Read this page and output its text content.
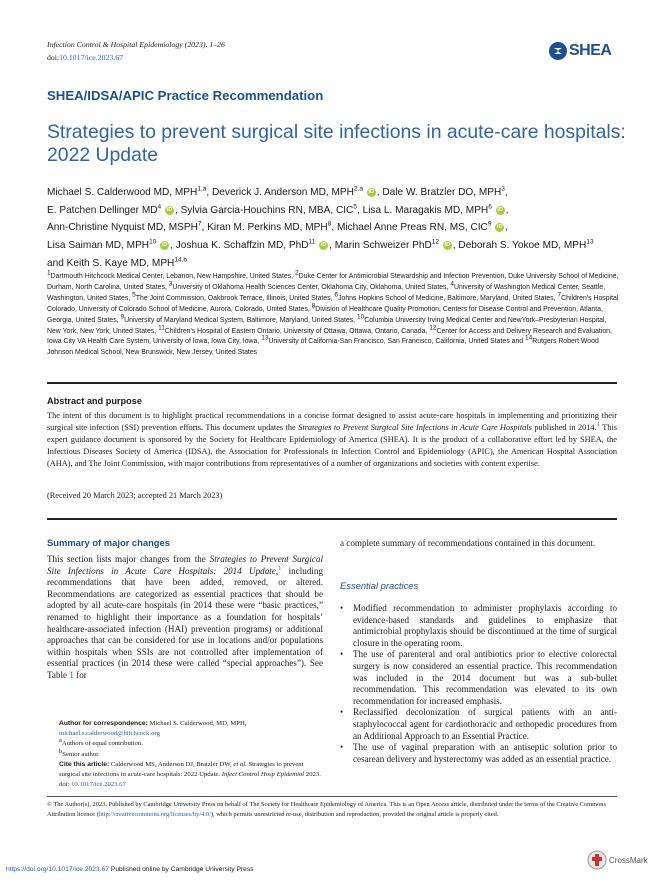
Infection Control & Hospital Epidemiology (2023), 1–26
doi:10.1017/ice.2023.67	SHEA
SHEA/IDSA/APIC Practice Recommendation
Strategies to prevent surgical site infections in acute-care hospitals: 2022 Update
Michael S. Calderwood MD, MPH$^{1,a}$, Deverick J. Anderson MD, MPH$^{2,a}$ iD , Dale W. Bratzler DO, MPH$^3$,
E. Patchen Dellinger $MD^4$ iD , Sylvia Garcia-Houchins RN, MBA, CIC$^5$, Lisa L. Maragakis MD, MPH$^6$ iD ,
Ann-Christine Nyquist MD, MSPH$^7$, Kiran M. Perkins MD, MPH$^8$, Michael Anne Preas RN, MS, CIC$^9$ iD ,
Lisa Saiman MD, MPH$^{10}$ iD , Joshua K. Schaffzin MD, PhD$^{11}$ iD , Marin Schweizer PhD$^{12}$ iD , Deborah S. Yokoe MD, MPH$^{13}$
and Keith S. Kaye MD, MPH$^{14,b}$
$^1$Dartmouth Hitchcock Medical Center, Lebanon, New Hampshire, United States, $^2$Duke Center for Antimicrobial Stewardship and Infection Prevention, Duke University School of Medicine, Durham, North Carolina, United States, $^3$University of Oklahoma Health Sciences Center, Oklahoma City, Oklahoma, United States, $^4$University of Washington Medical Center, Seattle, Washington, United States, $^5$The Joint Commission, Oakbrook Terrace, Illinois, United States, $^6$Johns Hopkins School of Medicine, Baltimore, Maryland, United States, $^7$Children's Hospital Colorado, University of Colorado School of Medicine, Aurora, Colorado, United States, $^8$Division of Healthcare Quality Promotion, Centers for Disease Control and Prevention, Atlanta, Georgia, United States, $^9$University of Maryland Medical System, Baltimore, Maryland, United States, $^{10}$Columbia University Irving Medical Center and NewYork–Presbyterian Hospital, New York, New York, United States, $^{11}$Children's Hospital of Eastern Ontario, University of Ottawa, Ottawa, Ontario, Canada, $^{12}$Center for Access and Delivery Research and Evaluation, Iowa City VA Health Care System, University of Iowa, Iowa City, Iowa, $^{13}$University of California-San Francisco, San Francisco, California, United States and $^{14}$Rutgers Robert Wood Johnson Medical School, New Brunswick, New Jersey, United States
Abstract and purpose
The intent of this document is to highlight practical recommendations in a concise format designed to assist acute-care hospitals in implementing and prioritizing their surgical site infection (SSI) prevention efforts. This document updates the Strategies to Prevent Surgical Site Infections in Acute Care Hospitals published in 2014.$^1$ This expert guidance document is sponsored by the Society for Healthcare Epidemiology of America (SHEA). It is the product of a collaborative effort led by SHEA, the Infectious Diseases Society of America (IDSA), the Association for Professionals in Infection Control and Epidemiology (APIC), the American Hospital Association (AHA), and The Joint Commission, with major contributions from representatives of a number of organizations and societies with content expertise.
(Received 20 March 2023; accepted 21 March 2023)
Summary of major changes
This section lists major changes from the Strategies to Prevent Surgical Site Infections in Acute Care Hospitals: 2014 Update,$^1$ including recommendations that have been added, removed, or altered. Recommendations are categorized as essential practices that should be adopted by all acute-care hospitals (in 2014 these were “basic practices,” renamed to highlight their importance as a foundation for hospitals’ healthcare-associated infection (HAI) prevention programs) or additional approaches that can be considered for use in locations and/or populations within hospitals when SSIs are not controlled after implementation of essential practices (in 2014 these were called “special approaches”). See Table 1 for
Author for correspondence: Michael S. Calderwood, MD, MPH, michael.s.calderwood@hitchcock.org
$^a$Authors of equal contribution.
$^b$Senior author.
Cite this article: Calderwood MS, Anderson DJ, Bratzler DW, et al. Strategies to prevent surgical site infections in acute-care hospitals: 2022 Update. Infect Control Hosp Epidemiol 2023. doi: 10.1017/ice.2023.67
a complete summary of recommendations contained in this document.
Essential practices
• Modified recommendation to administer prophylaxis according to evidence-based standards and guidelines to emphasize that antimicrobial prophylaxis should be discontinued at the time of surgical closure in the operating room.
• The use of parenteral and oral antibiotics prior to elective colorectal surgery is now considered an essential practice. This recommendation was included in the 2014 document but was a sub-bullet recommendation. This recommendation was elevated to its own recommendation for increased emphasis.
• Reclassified decolonization of surgical patients with an anti-staphylococcal agent for cardiothoracic and orthopedic procedures from an Additional Approach to an Essential Practice.
• The use of vaginal preparation with an antiseptic solution prior to cesarean delivery and hysterectomy was added as an essential practice.
© The Author(s), 2023. Published by Cambridge University Press on behalf of The Society for Healthcare Epidemiology of America. This is an Open Access article, distributed under the terms of the Creative Commons Attribution licence (http://creativecommons.org/licenses/by/4.0/), which permits unrestricted re-use, distribution and reproduction, provided the original article is properly cited.
https://doi.org/10.1017/ice.2023.67 Published online by Cambridge University Press
CrossMark
